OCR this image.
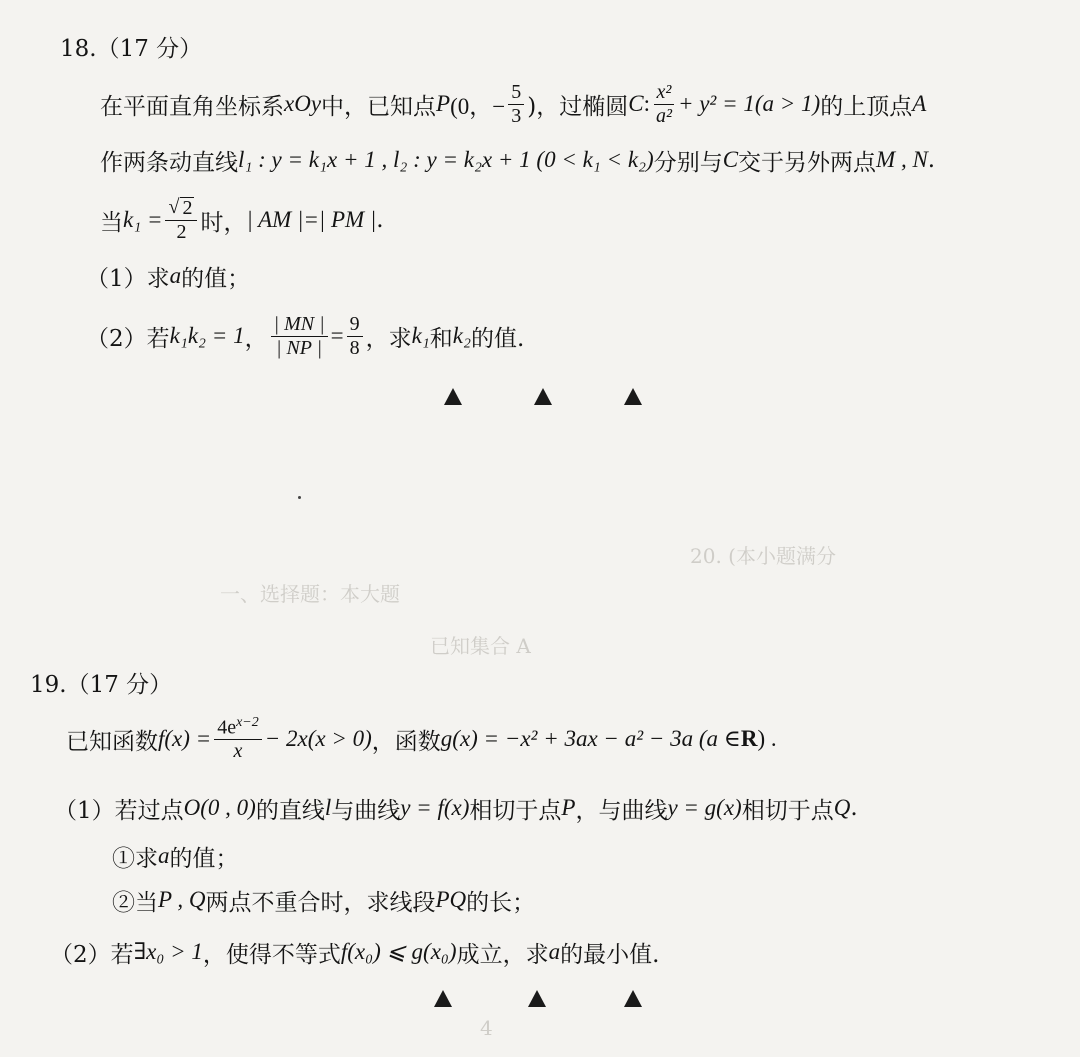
20. (本小题满分
一、选择题：本大题
已知集合 A
4
18.（17 分）
在平面直角坐标系 xOy 中，已知点 P (0，− $\frac{5}{3}$ )，过椭圆 C : $\frac{\text{x²}}{\text{a²}} + y^2 = 1(a > 1)$ 的上顶点 A
作两条动直线 l₁ : y = k₁x + 1 , l₂ : y = k₂x + 1 (0 < k₁ < k₂) 分别与 C 交于另外两点 M , N .
当 $k_1 = \frac{√ 2}{2}$ 时， | AM |=| PM | .
（1）求 a 的值；
（2）若 k₁k₂ = 1 ， $\frac{| MN |}{| NP |} = \frac{9}{8}$ ，求 k₁ 和 k₂ 的值.
19.（17 分）
已知函数 $f(x) = \frac{4e^{x-2}}{x} - 2x(x > 0)$ ，函数 g(x) = −x² + 3ax − a² − 3a (a ∈ R ) .
（1）若过点 O(0 , 0) 的直线 l 与曲线 y = f(x) 相切于点 P ，与曲线 y = g(x) 相切于点 Q .
①求 a 的值；
②当 P , Q 两点不重合时，求线段 PQ 的长；
（2）若 ∃x₀ > 1 ，使得不等式 f(x₀) ⩽ g(x₀) 成立，求 a 的最小值.
